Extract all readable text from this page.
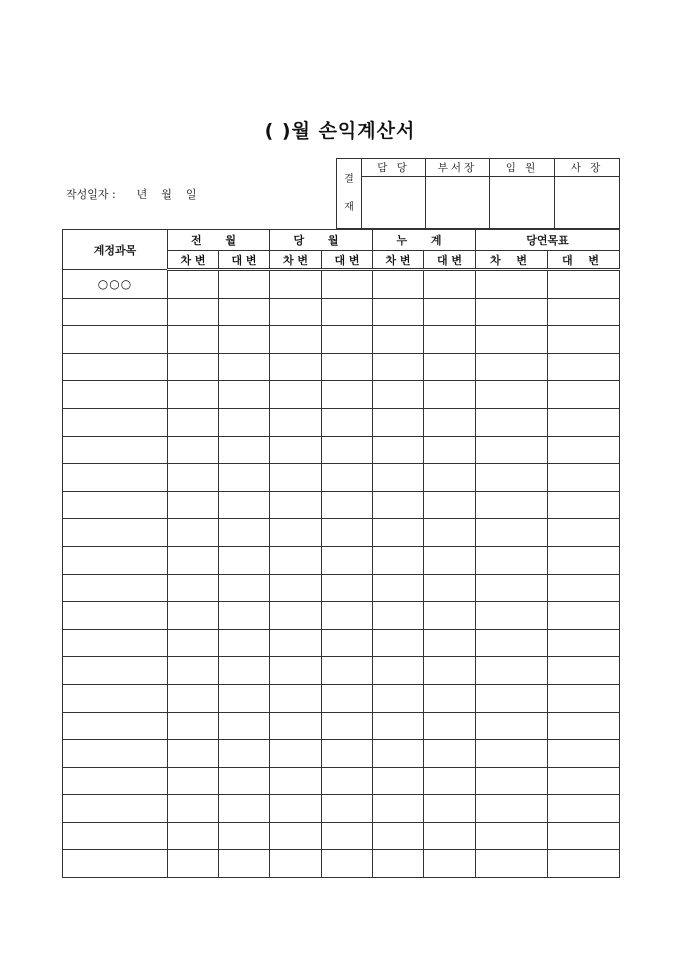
( )월 손익계산서
작성일자 :      년    월    일
결
재	담 당	부서장	임 원	사 장

계정과목	전 월		당 월		누 계		당연목표	
	차 변	대 변	차 변	대 변	차 변	대 변	차 변	대 변
○○○								
